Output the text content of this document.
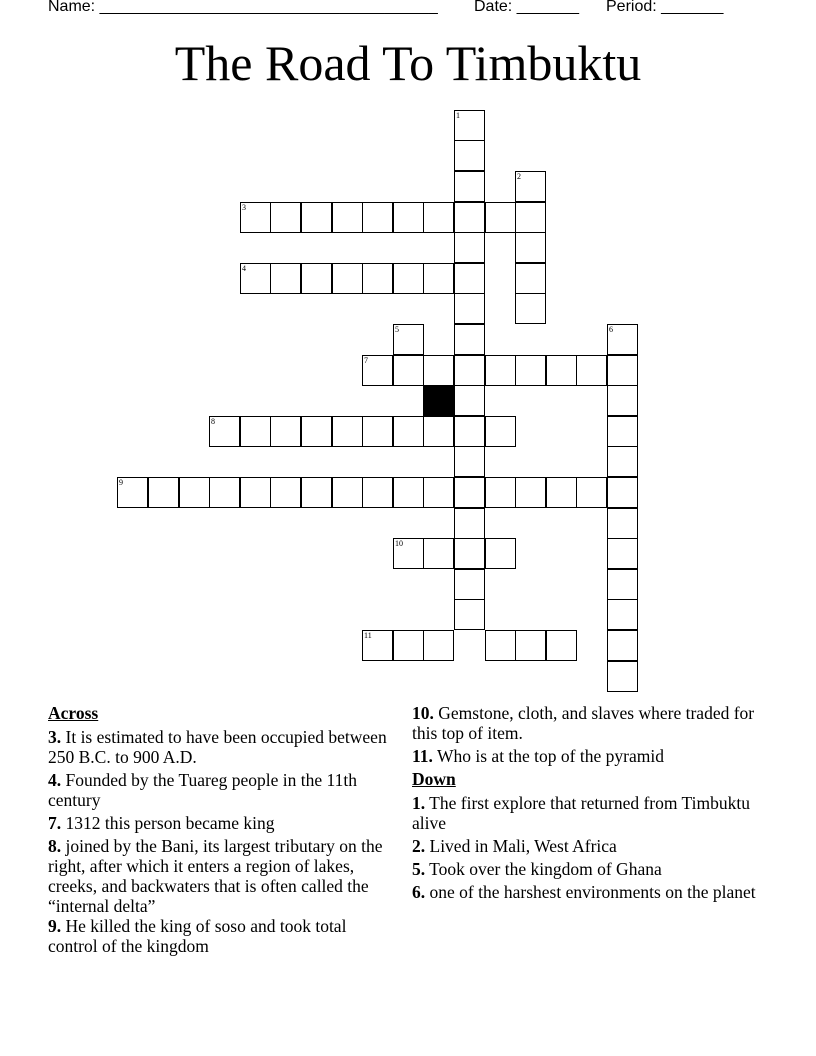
Name: ______________________________________

Date: _______

Period: _______

The Road To Timbuktu
1
2
3
4
5	6
7
8
9
10
11
Across
3. It is estimated to have been occupied between 250 B.C. to 900 A.D.
4. Founded by the Tuareg people in the 11th century
7. 1312 this person became king
8. joined by the Bani, its largest tributary on the right, after which it enters a region of lakes, creeks, and backwaters that is often called the “internal delta”
9. He killed the king of soso and took total control of the kingdom
10. Gemstone, cloth, and slaves where traded for this top of item.
11. Who is at the top of the pyramid
Down
1. The first explore that returned from Timbuktu alive
2. Lived in Mali, West Africa
5. Took over the kingdom of Ghana
6. one of the harshest environments on the planet
